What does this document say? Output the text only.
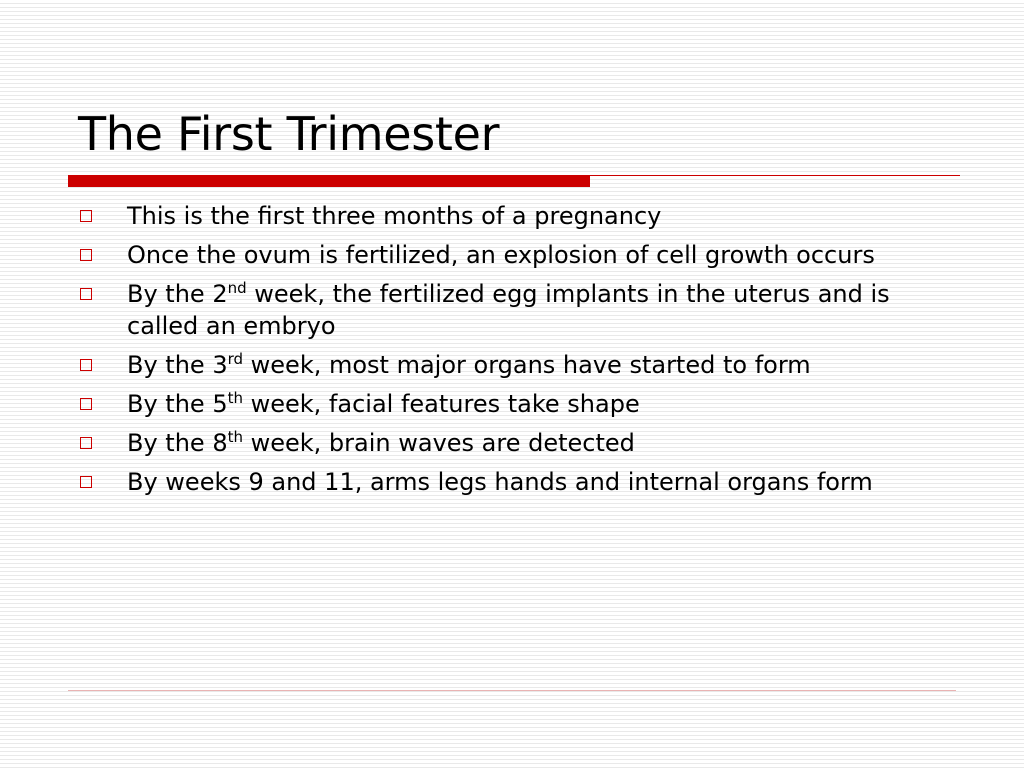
The First Trimester
This is the first three months of a pregnancy
Once the ovum is fertilized, an explosion of cell growth occurs
By the 2nd week, the fertilized egg implants in the uterus and is called an embryo
By the 3rd week, most major organs have started to form
By the 5th week, facial features take shape
By the 8th week, brain waves are detected
By weeks 9 and 11, arms legs hands and internal organs form
